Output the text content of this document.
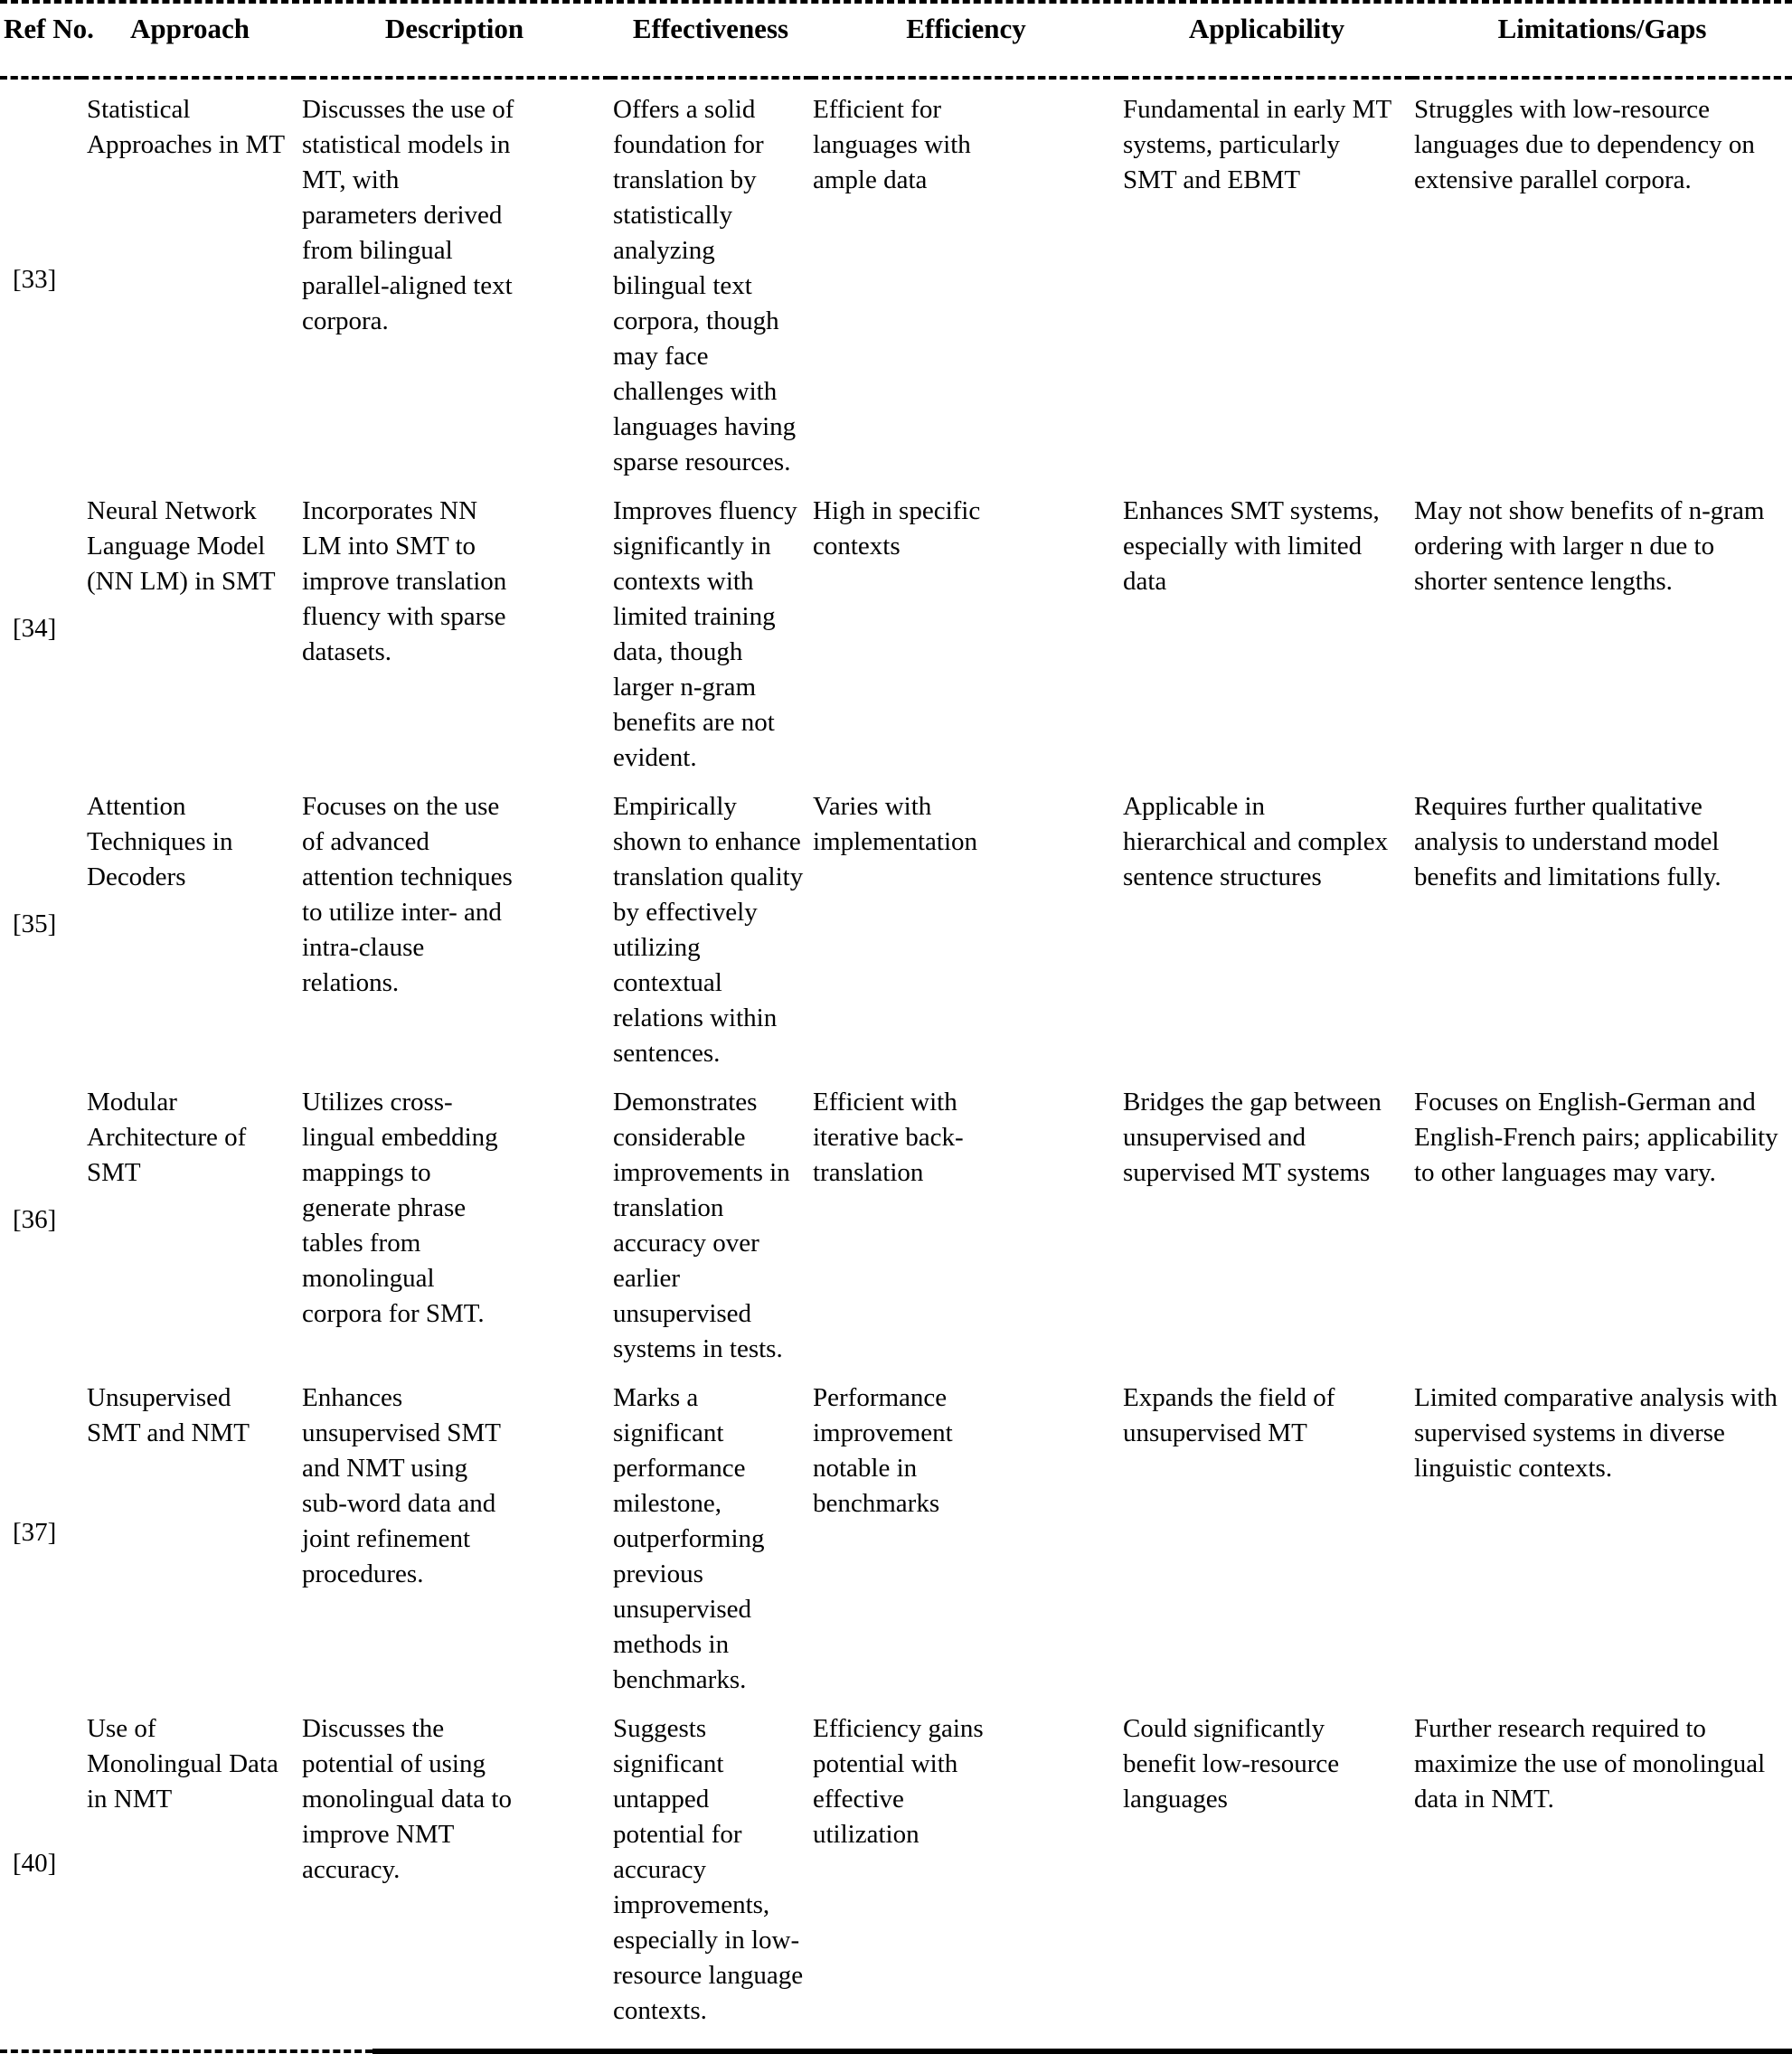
Ref No.	Approach	Description	Effectiveness	Efficiency	Applicability	Limitations/Gaps
[33]	Statistical Approaches in MT	Discusses the use of statistical models in MT, with parameters derived from bilingual parallel-aligned text corpora.	Offers a solid foundation for translation by statistically analyzing bilingual text corpora, though may face challenges with languages having sparse resources.	Efficient for languages with ample data	Fundamental in early MT systems, particularly SMT and EBMT	Struggles with low-resource languages due to dependency on extensive parallel corpora.
[34]	Neural Network Language Model (NN LM) in SMT	Incorporates NN LM into SMT to improve translation fluency with sparse datasets.	Improves fluency significantly in contexts with limited training data, though larger n-gram benefits are not evident.	High in specific contexts	Enhances SMT systems, especially with limited data	May not show benefits of n-gram ordering with larger n due to shorter sentence lengths.
[35]	Attention Techniques in Decoders	Focuses on the use of advanced attention techniques to utilize inter- and intra-clause relations.	Empirically shown to enhance translation quality by effectively utilizing contextual relations within sentences.	Varies with implementation	Applicable in hierarchical and complex sentence structures	Requires further qualitative analysis to understand model benefits and limitations fully.
[36]	Modular Architecture of SMT	Utilizes cross-lingual embedding mappings to generate phrase tables from monolingual corpora for SMT.	Demonstrates considerable improvements in translation accuracy over earlier unsupervised systems in tests.	Efficient with iterative back-translation	Bridges the gap between unsupervised and supervised MT systems	Focuses on English-German and English-French pairs; applicability to other languages may vary.
[37]	Unsupervised SMT and NMT	Enhances unsupervised SMT and NMT using sub-word data and joint refinement procedures.	Marks a significant performance milestone, outperforming previous unsupervised methods in benchmarks.	Performance improvement notable in benchmarks	Expands the field of unsupervised MT	Limited comparative analysis with supervised systems in diverse linguistic contexts.
[40]	Use of Monolingual Data in NMT	Discusses the potential of using monolingual data to improve NMT accuracy.	Suggests significant untapped potential for accuracy improvements, especially in low-resource language contexts.	Efficiency gains potential with effective utilization	Could significantly benefit low-resource languages	Further research required to maximize the use of monolingual data in NMT.
